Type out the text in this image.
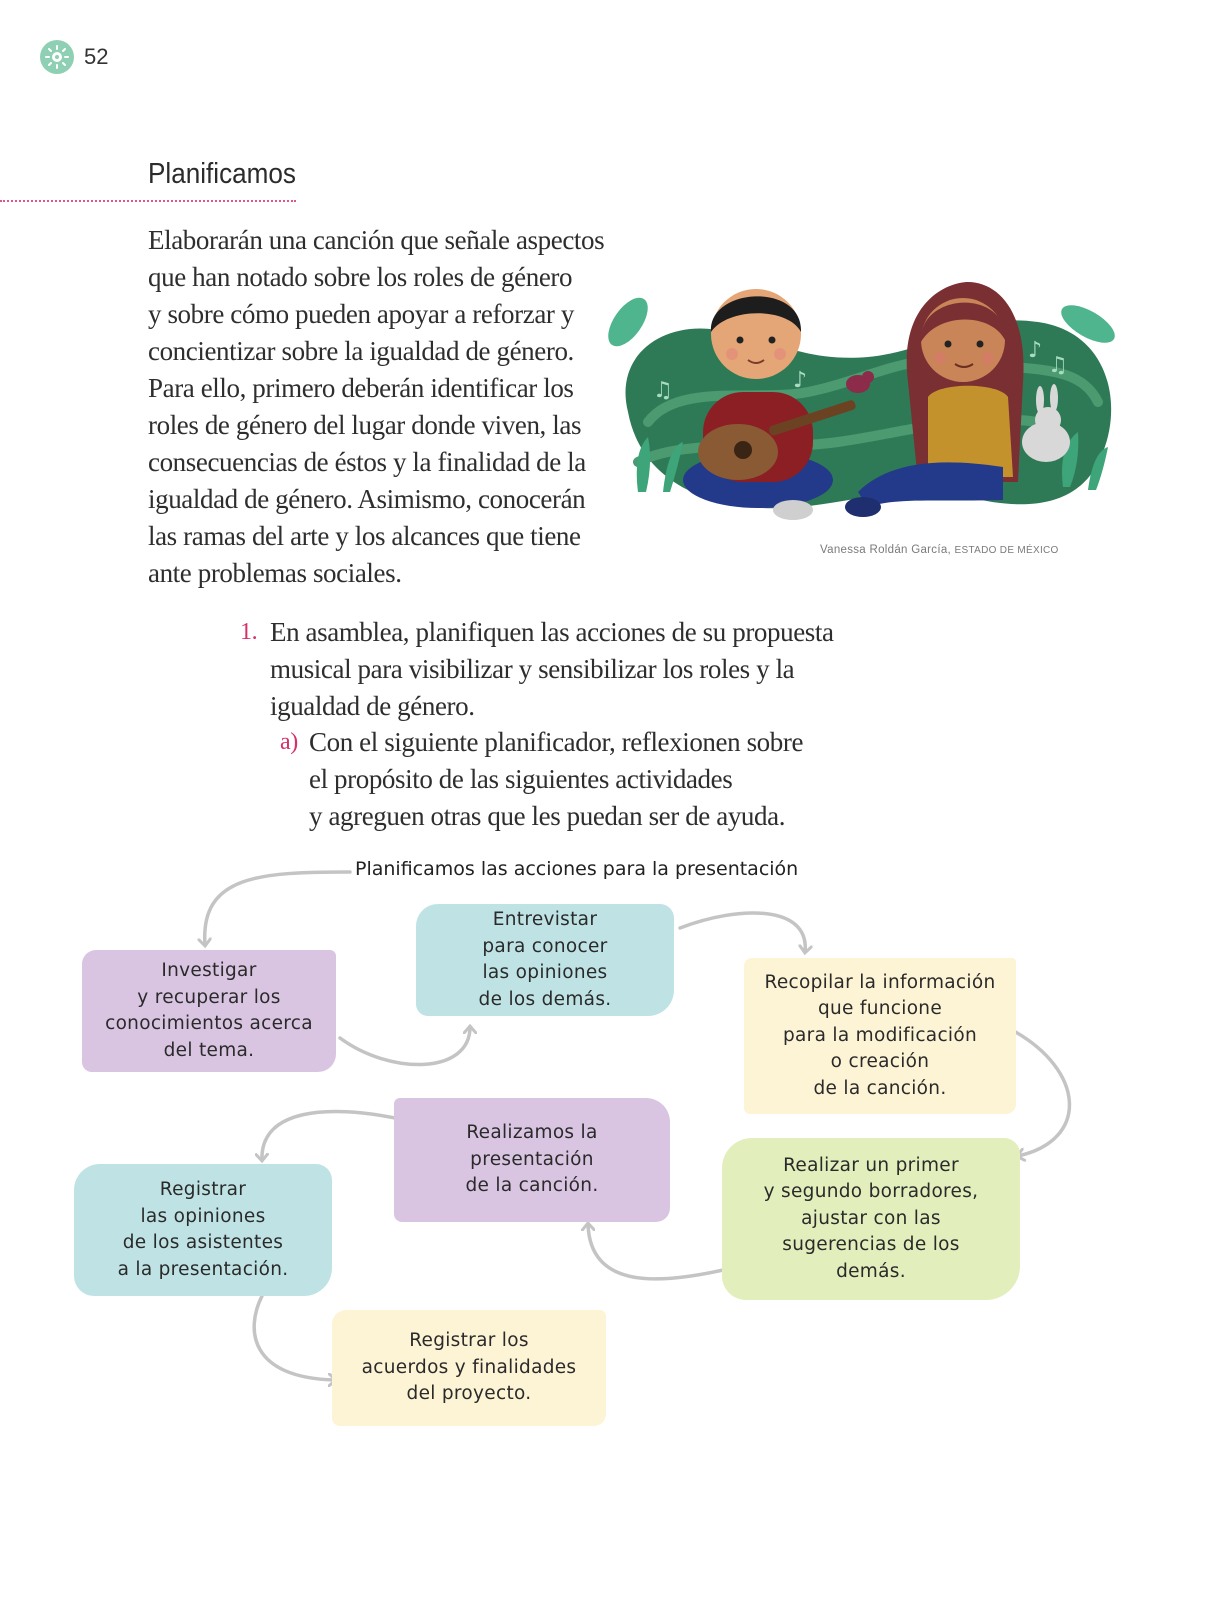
52
Planificamos
Elaborarán una canción que señale aspectos
que han notado sobre los roles de género
y sobre cómo pueden apoyar a reforzar y
concientizar sobre la igualdad de género.
Para ello, primero deberán identificar los
roles de género del lugar donde viven, las
consecuencias de éstos y la finalidad de la
igualdad de género. Asimismo, conocerán
las ramas del arte y los alcances que tiene
ante problemas sociales.
♫	♪
♫
♪
Vanessa Roldán García, ESTADO DE MÉXICO
1. En asamblea, planifiquen las acciones de su propuesta
musical para visibilizar y sensibilizar los roles y la
igualdad de género.
a) Con el siguiente planificador, reflexionen sobre
el propósito de las siguientes actividades
y agreguen otras que les puedan ser de ayuda.
Planificamos las acciones para la presentación
Investigar
y recuperar los
conocimientos acerca
del tema.
Entrevistar
para conocer
las opiniones
de los demás.
Recopilar la información
que funcione
para la modificación
o creación
de la canción.
Realizamos la
presentación
de la canción.
Realizar un primer
y segundo borradores,
ajustar con las
sugerencias de los
demás.
Registrar
las opiniones
de los asistentes
a la presentación.
Registrar los
acuerdos y finalidades
del proyecto.
